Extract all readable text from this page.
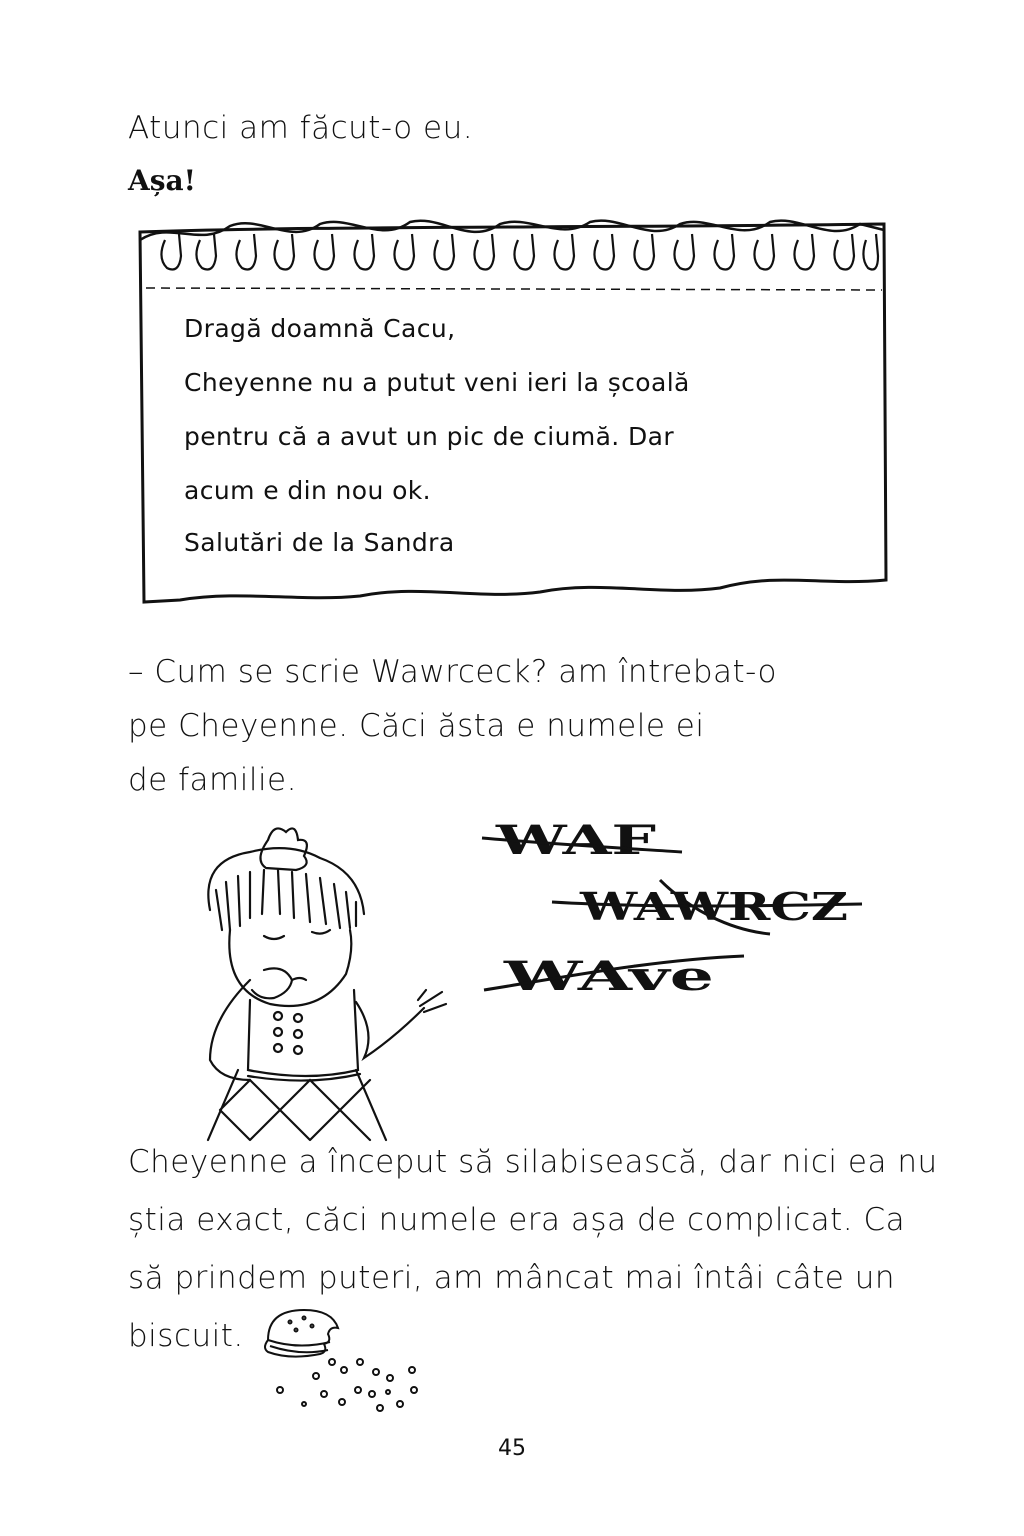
Atunci am făcut-o eu.
Așa!
Dragă doamnă Cacu,
Cheyenne nu a putut veni ieri la școală
pentru că a avut un pic de ciumă. Dar
acum e din nou ok.
Salutări de la Sandra
– Cum se scrie Wawrceck? am întrebat-o
pe Cheyenne. Căci ăsta e numele ei
de familie.
WAF
WAWRCZ
WAve
Cheyenne a început să silabisească, dar nici ea nu
știa exact, căci numele era așa de complicat. Ca
să prindem puteri, am mâncat mai întâi câte un
biscuit.
45
